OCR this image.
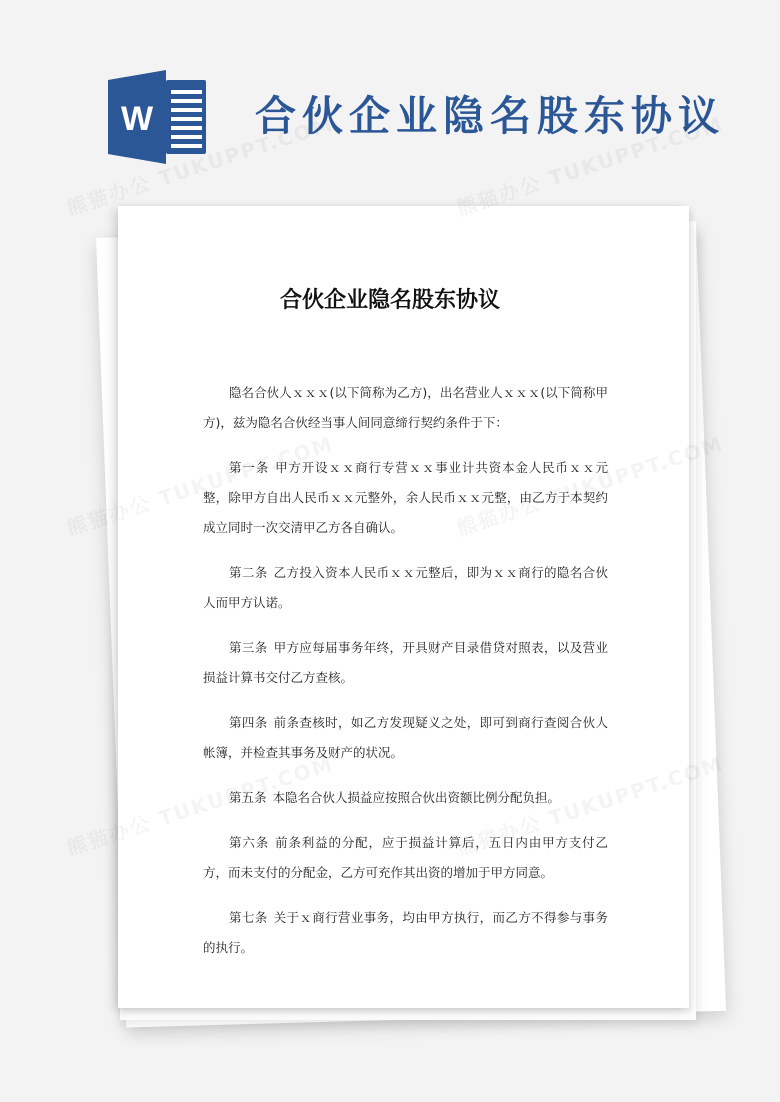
W 合伙企业隐名股东协议
合伙企业隐名股东协议

隐名合伙人ｘｘｘ(以下简称为乙方)，出名营业人ｘｘｘ(以下简称甲方)，兹为隐名合伙经当事人间同意缔行契约条件于下：

第一条 甲方开设ｘｘ商行专营ｘｘ事业计共资本金人民币ｘｘ元整，除甲方自出人民币ｘｘ元整外，余人民币ｘｘ元整，由乙方于本契约成立同时一次交清甲乙方各自确认。

第二条 乙方投入资本人民币ｘｘ元整后，即为ｘｘ商行的隐名合伙人而甲方认诺。

第三条 甲方应每届事务年终，开具财产目录借贷对照表，以及营业损益计算书交付乙方查核。

第四条 前条查核时，如乙方发现疑义之处，即可到商行查阅合伙人帐簿，并检查其事务及财产的状况。

第五条 本隐名合伙人损益应按照合伙出资额比例分配负担。

第六条 前条利益的分配，应于损益计算后，五日内由甲方支付乙方，而未支付的分配金，乙方可充作其出资的增加于甲方同意。

第七条 关于ｘ商行营业事务，均由甲方执行，而乙方不得参与事务的执行。
